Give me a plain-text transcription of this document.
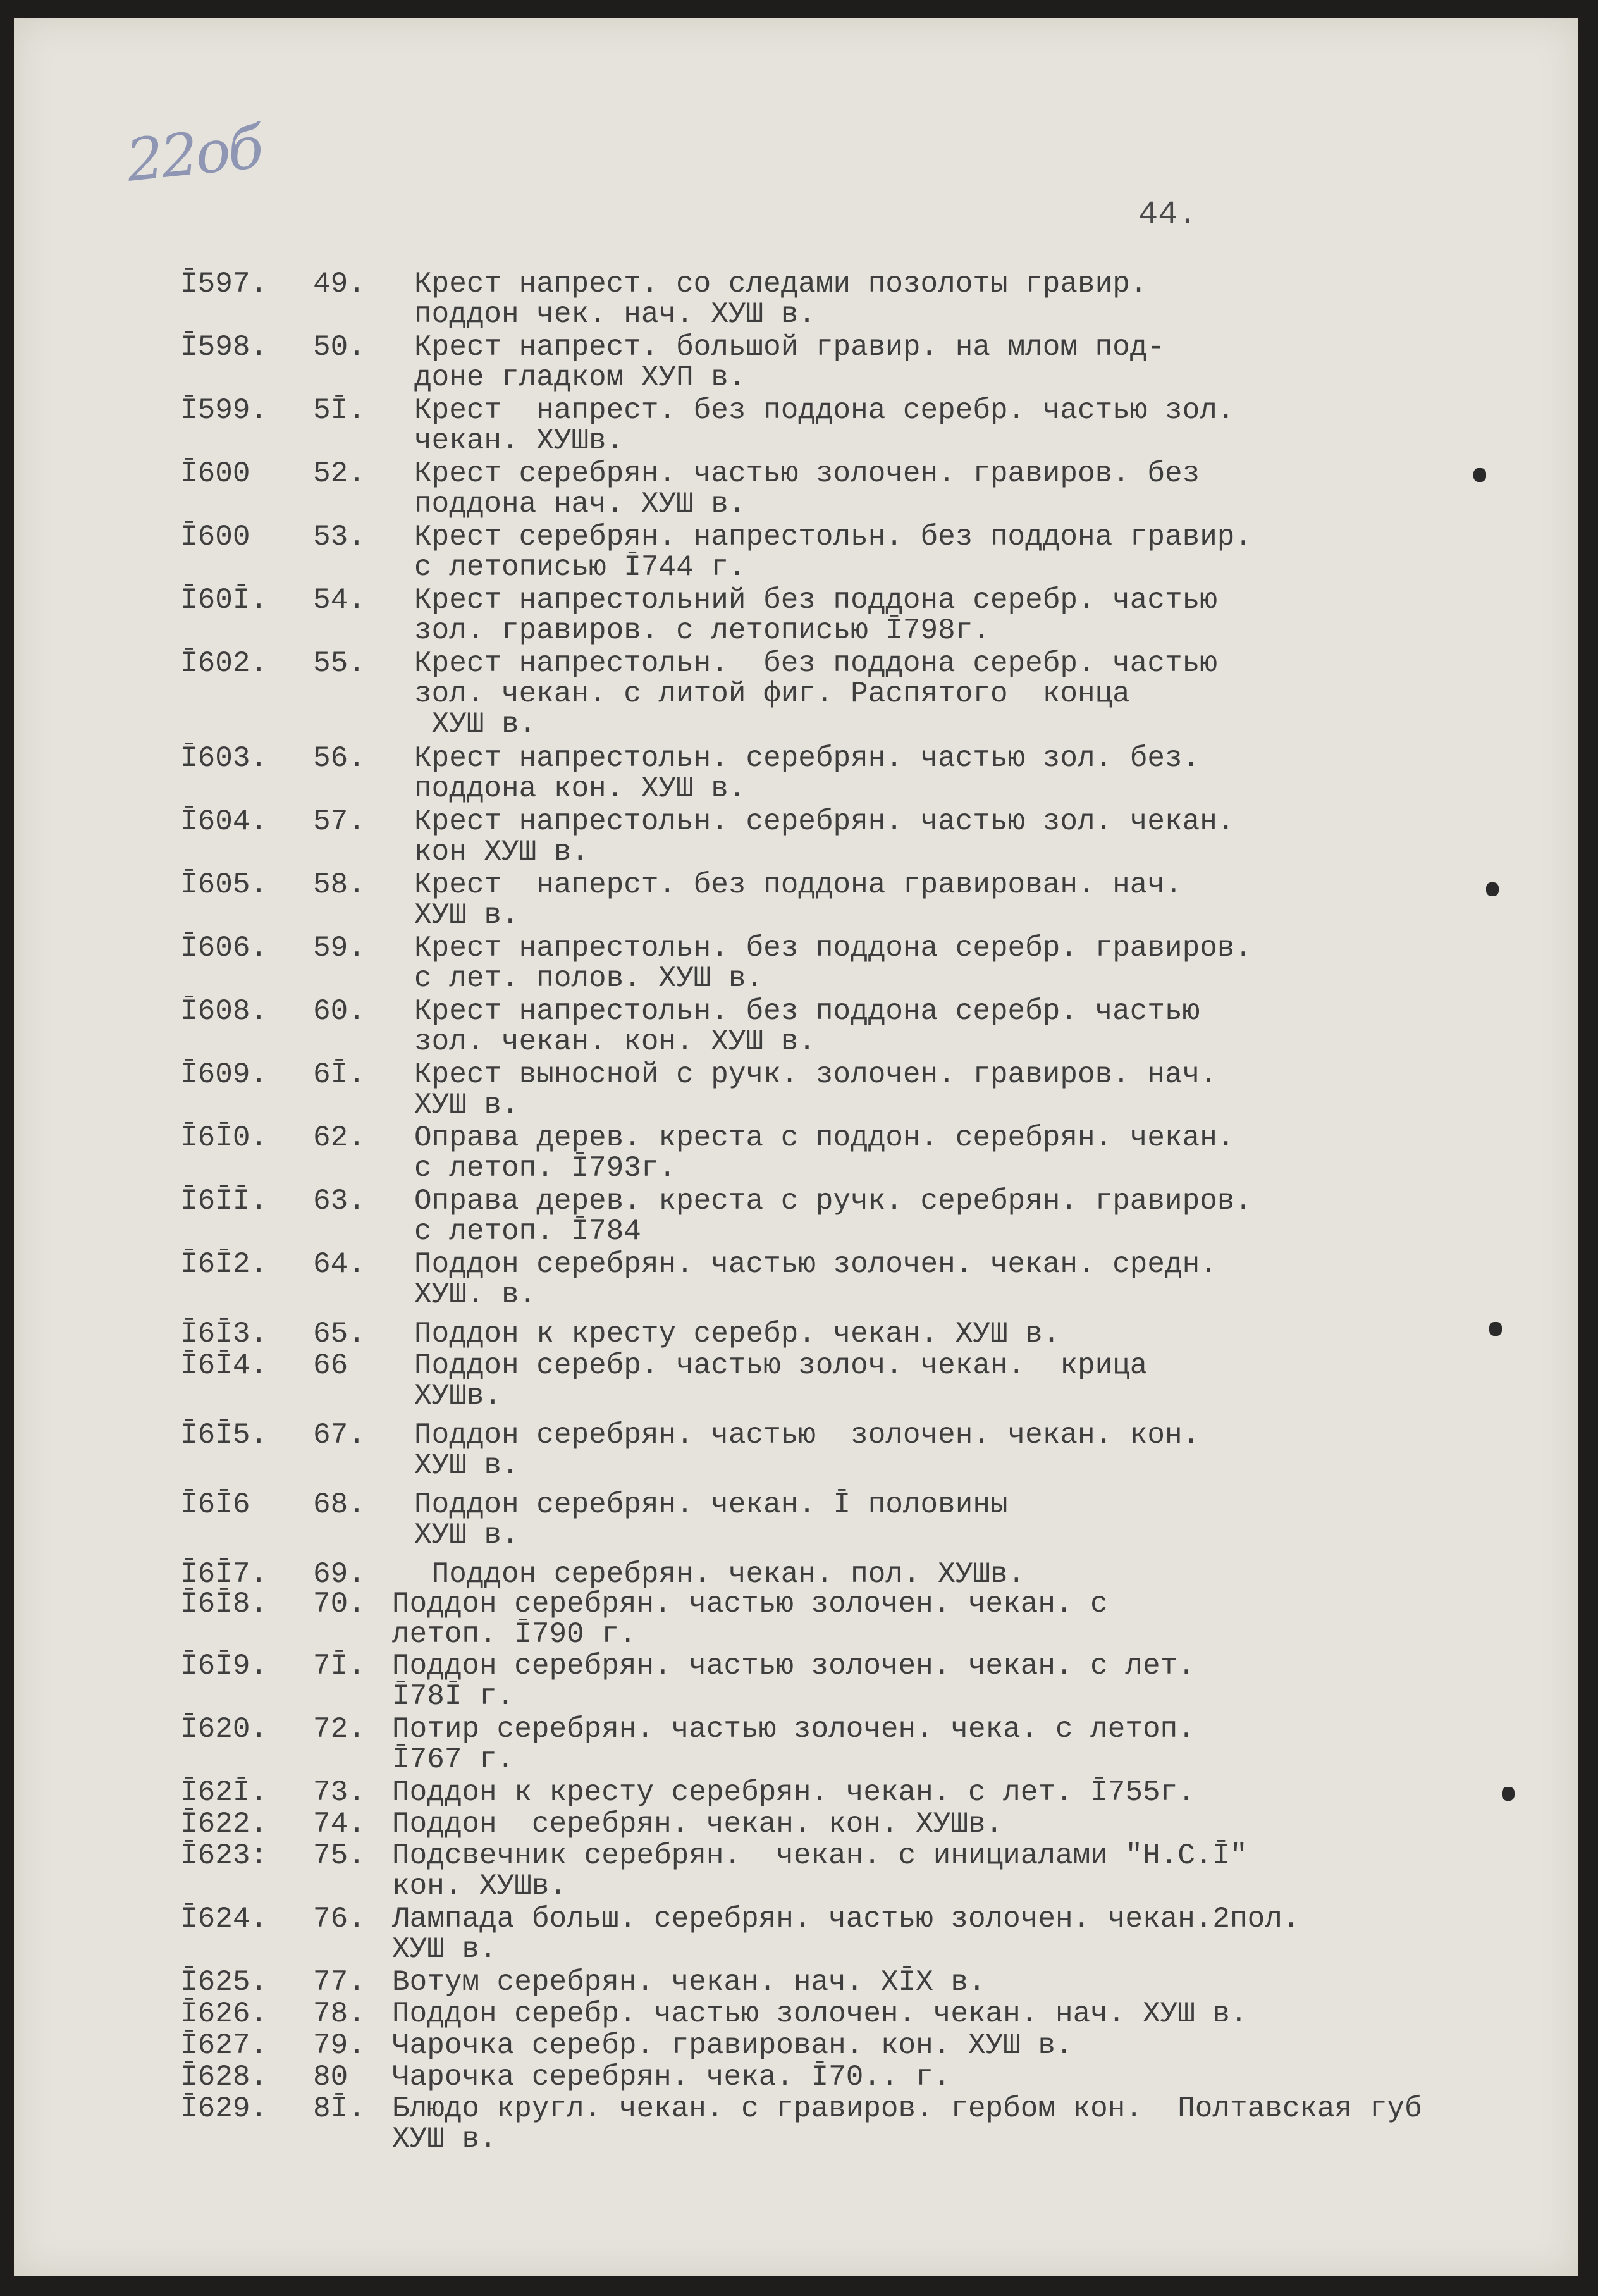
22об
44.
Ī597. 49. Крест напрест. со следами позолоты гравир.
поддон чек. нач. ХУШ в.
Ī598. 50. Крест напрест. большой гравир. на млом под-
доне гладком ХУП в.
Ī599. 5Ī. Крест  напрест. без поддона серебр. частью зол.
чекан. ХУШв.
Ī600 52. Крест серебрян. частью золочен. гравиров. без
поддона нач. ХУШ в.
Ī600 53. Крест серебрян. напрестольн. без поддона гравир.
с летописью Ī744 г.
Ī60Ī. 54. Крест напрестольний без поддона серебр. частью
зол. гравиров. с летописью Ī798г.
Ī602. 55. Крест напрестольн.  без поддона серебр. частью
зол. чекан. с литой фиг. Распятого  конца
ХУШ в.
Ī603. 56. Крест напрестольн. серебрян. частью зол. без.
поддона кон. ХУШ в.
Ī604. 57. Крест напрестольн. серебрян. частью зол. чекан.
кон ХУШ в.
Ī605. 58. Крест  наперст. без поддона гравирован. нач.
ХУШ в.
Ī606. 59. Крест напрестольн. без поддона серебр. гравиров.
с лет. полов. ХУШ в.
Ī608. 60. Крест напрестольн. без поддона серебр. частью
зол. чекан. кон. ХУШ в.
Ī609. 6Ī. Крест выносной с ручк. золочен. гравиров. нач.
ХУШ в.
Ī6Ī0. 62. Оправа дерев. креста с поддон. серебрян. чекан.
с летоп. Ī793г.
Ī6ĪĪ. 63. Оправа дерев. креста с ручк. серебрян. гравиров.
с летоп. Ī784
Ī6Ī2. 64. Поддон серебрян. частью золочен. чекан. средн.
ХУШ. в.
Ī6Ī3. 65. Поддон к кресту серебр. чекан. ХУШ в.
Ī6Ī4. 66 Поддон серебр. частью золоч. чекан.  крица
ХУШв.
Ī6Ī5. 67. Поддон серебрян. частью  золочен. чекан. кон.
ХУШ в.
Ī6Ī6 68. Поддон серебрян. чекан. Ī половины
ХУШ в.
Ī6Ī7. 69. Поддон серебрян. чекан. пол. ХУШв.
Ī6Ī8. 70. Поддон серебрян. частью золочен. чекан. с
летоп. Ī790 г.
Ī6Ī9. 7Ī. Поддон серебрян. частью золочен. чекан. с лет.
Ī78Ī г.
Ī620. 72. Потир серебрян. частью золочен. чека. с летоп.
Ī767 г.
Ī62Ī. 73. Поддон к кресту серебрян. чекан. с лет. Ī755г.
Ī622. 74. Поддон  серебрян. чекан. кон. ХУШв.
Ī623: 75. Подсвечник серебрян.  чекан. с инициалами "Н.С.Ī"
кон. ХУШв.
Ī624. 76. Лампада больш. серебрян. частью золочен. чекан.2пол.
ХУШ в.
Ī625. 77. Вотум серебрян. чекан. нач. ХĪХ в.
Ī626. 78. Поддон серебр. частью золочен. чекан. нач. ХУШ в.
Ī627. 79. Чарочка серебр. гравирован. кон. ХУШ в.
Ī628. 80 Чарочка серебрян. чека. Ī70.. г.
Ī629. 8Ī. Блюдо кругл. чекан. с гравиров. гербом кон.  Полтавская губ
ХУШ в.
